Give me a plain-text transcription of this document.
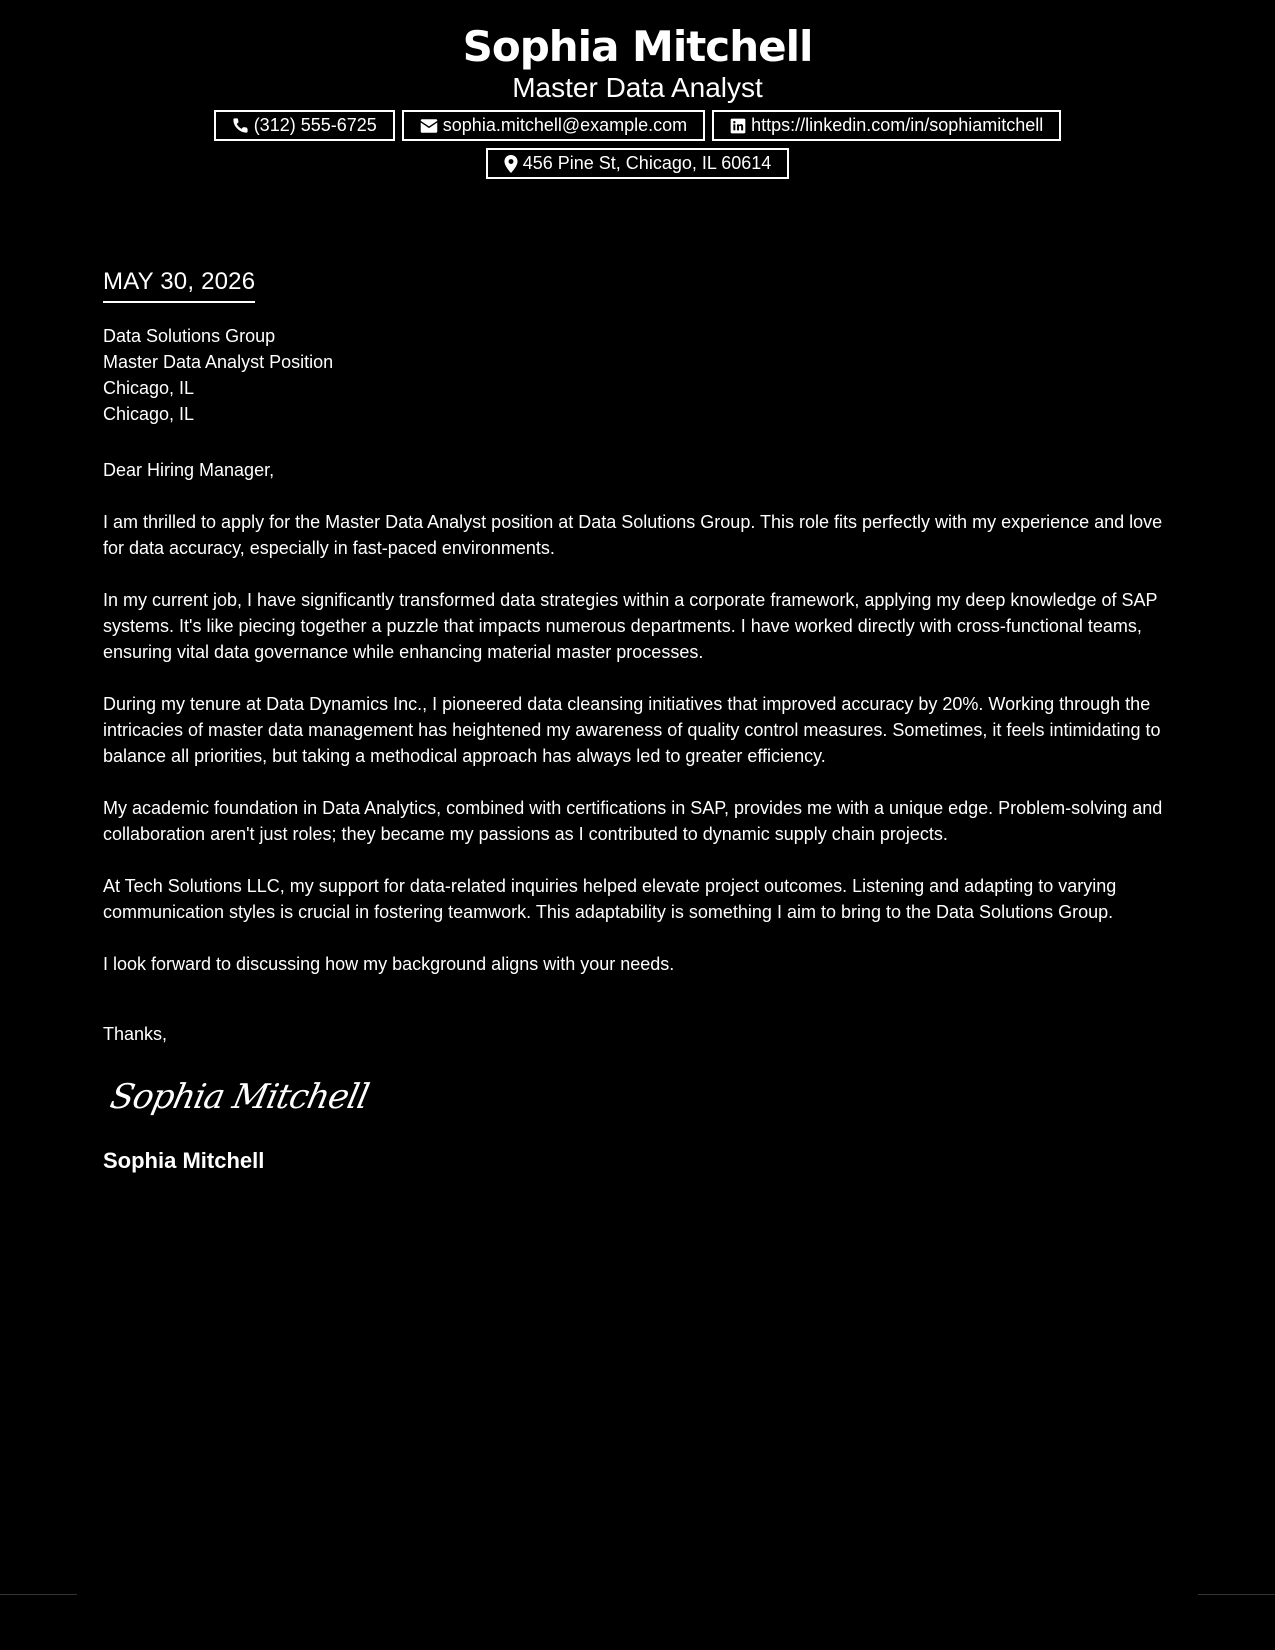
Sophia Mitchell
Master Data Analyst
(312) 555-6725	sophia.mitchell@example.com	https://linkedin.com/in/sophiamitchell
456 Pine St, Chicago, IL 60614
MAY 30, 2026
Data Solutions Group
Master Data Analyst Position
Chicago, IL
Chicago, IL
Dear Hiring Manager,
I am thrilled to apply for the Master Data Analyst position at Data Solutions Group. This role fits perfectly with my experience and love for data accuracy, especially in fast-paced environments.
In my current job, I have significantly transformed data strategies within a corporate framework, applying my deep knowledge of SAP systems. It's like piecing together a puzzle that impacts numerous departments. I have worked directly with cross-functional teams, ensuring vital data governance while enhancing material master processes.
During my tenure at Data Dynamics Inc., I pioneered data cleansing initiatives that improved accuracy by 20%. Working through the intricacies of master data management has heightened my awareness of quality control measures. Sometimes, it feels intimidating to balance all priorities, but taking a methodical approach has always led to greater efficiency.
My academic foundation in Data Analytics, combined with certifications in SAP, provides me with a unique edge. Problem-solving and collaboration aren't just roles; they became my passions as I contributed to dynamic supply chain projects.
At Tech Solutions LLC, my support for data-related inquiries helped elevate project outcomes. Listening and adapting to varying communication styles is crucial in fostering teamwork. This adaptability is something I aim to bring to the Data Solutions Group.
I look forward to discussing how my background aligns with your needs.
Thanks,
Sophia Mitchell
Sophia Mitchell
